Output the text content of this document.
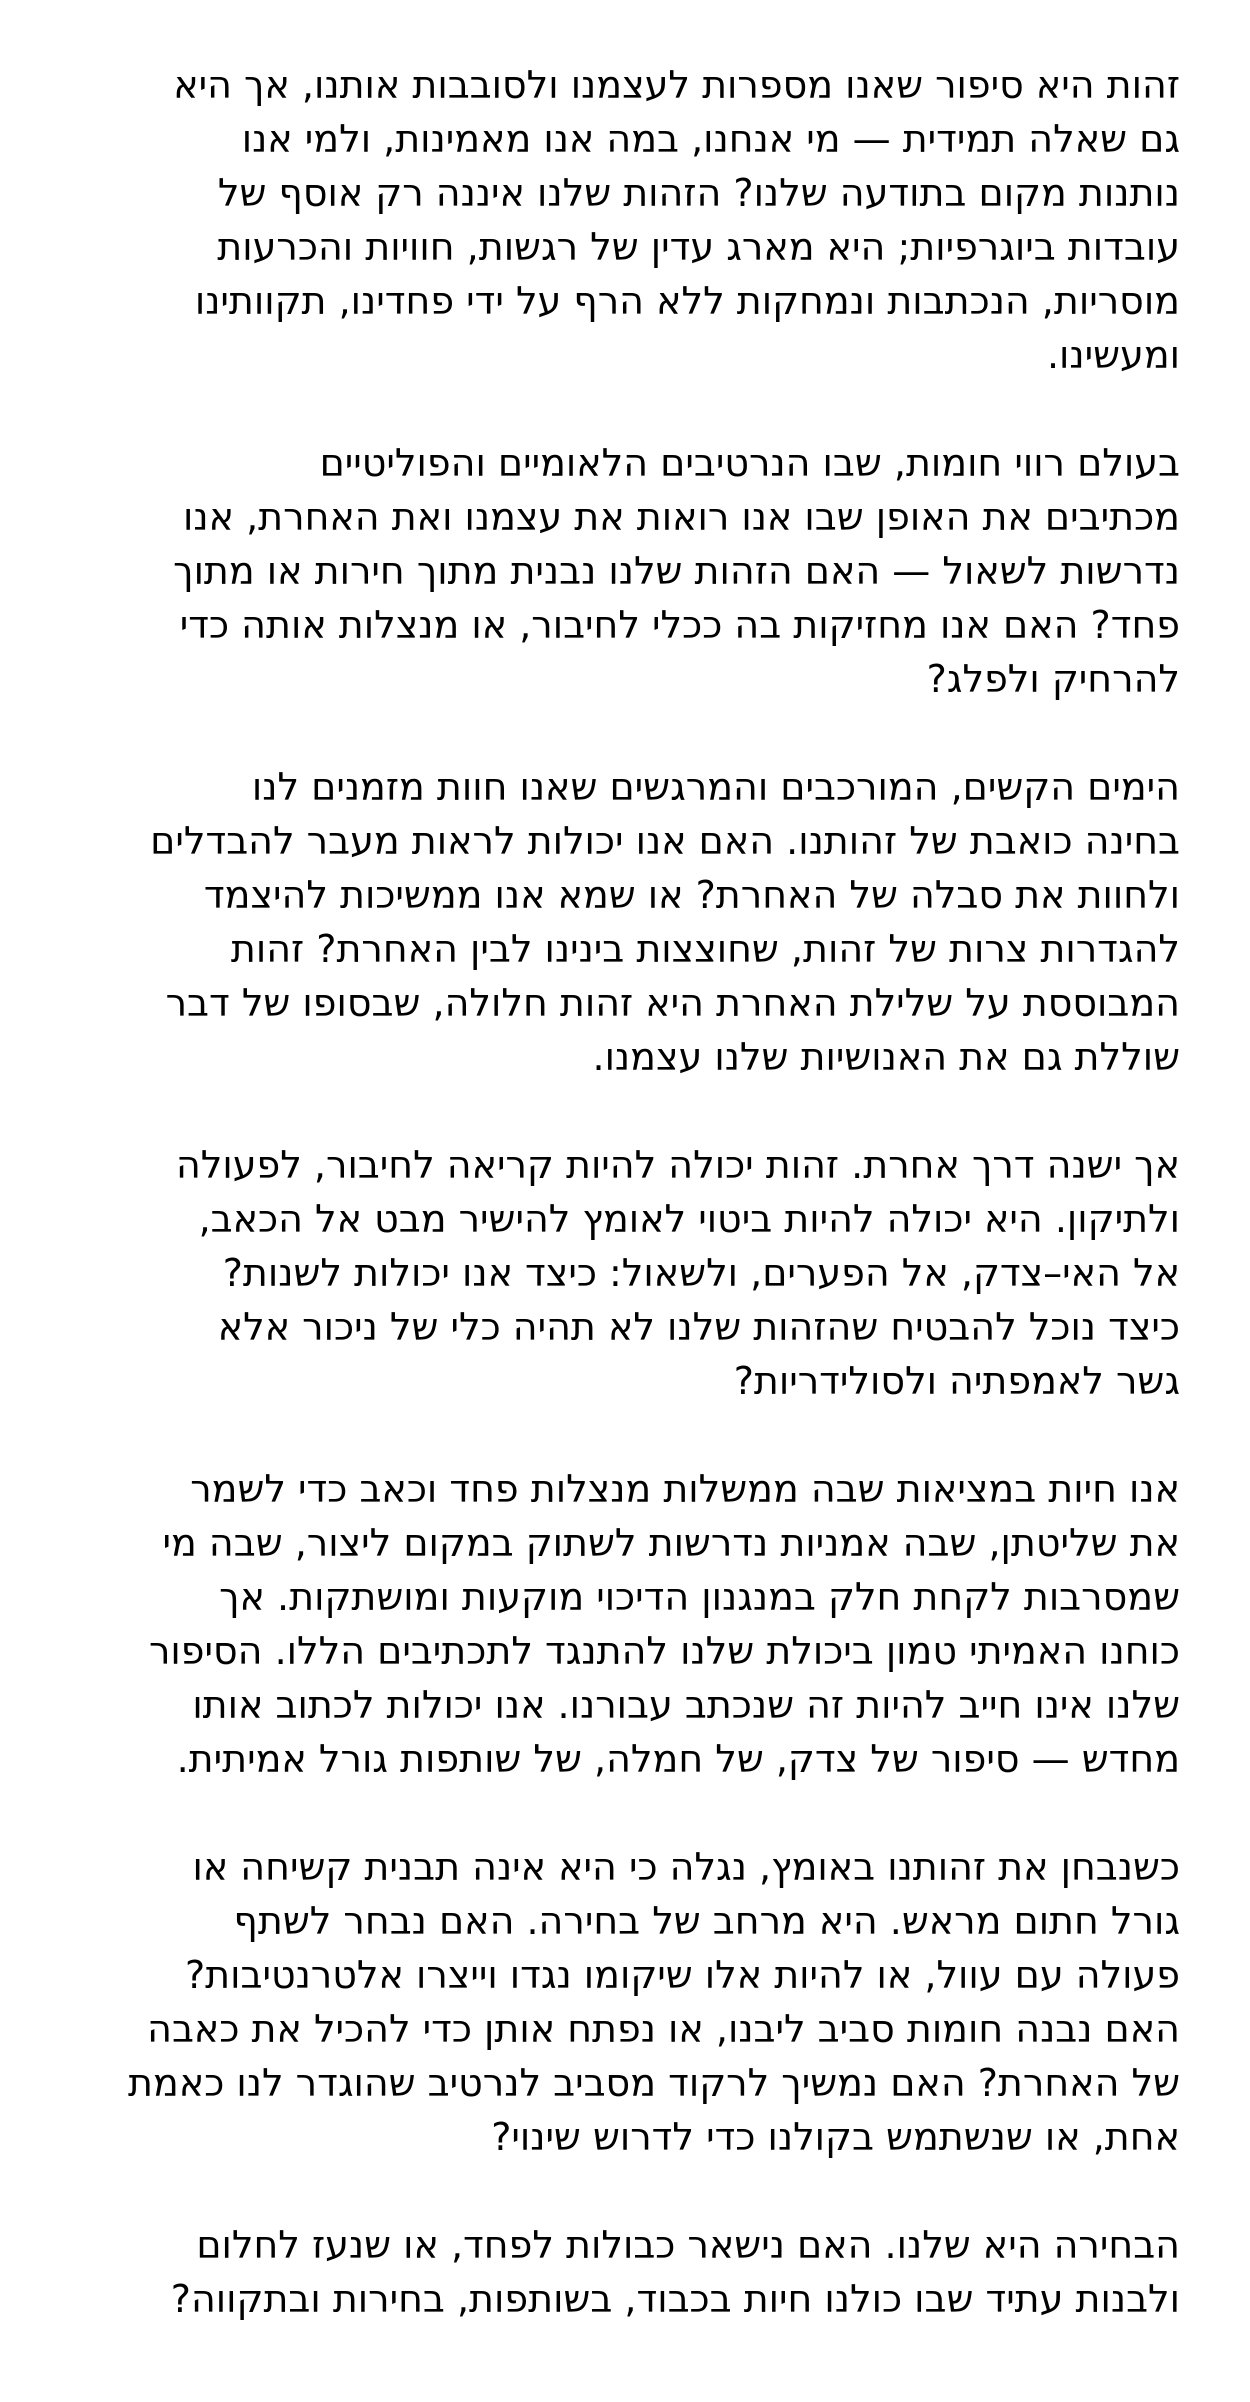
זהות היא סיפור שאנו מספרות לעצמנו ולסובבות אותנו, אך היא
גם שאלה תמידית — מי אנחנו, במה אנו מאמינות, ולמי אנו
נותנות מקום בתודעה שלנו? הזהות שלנו איננה רק אוסף של
עובדות ביוגרפיות; היא מארג עדין של רגשות, חוויות והכרעות
מוסריות, הנכתבות ונמחקות ללא הרף על ידי פחדינו, תקוותינו
ומעשינו.

בעולם רווי חומות, שבו הנרטיבים הלאומיים והפוליטיים
מכתיבים את האופן שבו אנו רואות את עצמנו ואת האחרת, אנו
נדרשות לשאול — האם הזהות שלנו נבנית מתוך חירות או מתוך
פחד? האם אנו מחזיקות בה ככלי לחיבור, או מנצלות אותה כדי
להרחיק ולפלג?

הימים הקשים, המורכבים והמרגשים שאנו חוות מזמנים לנו
בחינה כואבת של זהותנו. האם אנו יכולות לראות מעבר להבדלים
ולחוות את סבלה של האחרת? או שמא אנו ממשיכות להיצמד
להגדרות צרות של זהות, שחוצצות בינינו לבין האחרת? זהות
המבוססת על שלילת האחרת היא זהות חלולה, שבסופו של דבר
שוללת גם את האנושיות שלנו עצמנו.

אך ישנה דרך אחרת. זהות יכולה להיות קריאה לחיבור, לפעולה
ולתיקון. היא יכולה להיות ביטוי לאומץ להישיר מבט אל הכאב,
אל האי–צדק, אל הפערים, ולשאול: כיצד אנו יכולות לשנות?
כיצד נוכל להבטיח שהזהות שלנו לא תהיה כלי של ניכור אלא
גשר לאמפתיה ולסולידריות?

אנו חיות במציאות שבה ממשלות מנצלות פחד וכאב כדי לשמר
את שליטתן, שבה אמניות נדרשות לשתוק במקום ליצור, שבה מי
שמסרבות לקחת חלק במנגנון הדיכוי מוקעות ומושתקות. אך
כוחנו האמיתי טמון ביכולת שלנו להתנגד לתכתיבים הללו. הסיפור
שלנו אינו חייב להיות זה שנכתב עבורנו. אנו יכולות לכתוב אותו
מחדש — סיפור של צדק, של חמלה, של שותפות גורל אמיתית.

כשנבחן את זהותנו באומץ, נגלה כי היא אינה תבנית קשיחה או
גורל חתום מראש. היא מרחב של בחירה. האם נבחר לשתף
פעולה עם עוול, או להיות אלו שיקומו נגדו וייצרו אלטרנטיבות?
האם נבנה חומות סביב ליבנו, או נפתח אותן כדי להכיל את כאבה
של האחרת? האם נמשיך לרקוד מסביב לנרטיב שהוגדר לנו כאמת
אחת, או שנשתמש בקולנו כדי לדרוש שינוי?

הבחירה היא שלנו. האם נישאר כבולות לפחד, או שנעז לחלום
ולבנות עתיד שבו כולנו חיות בכבוד, בשותפות, בחירות ובתקווה?
